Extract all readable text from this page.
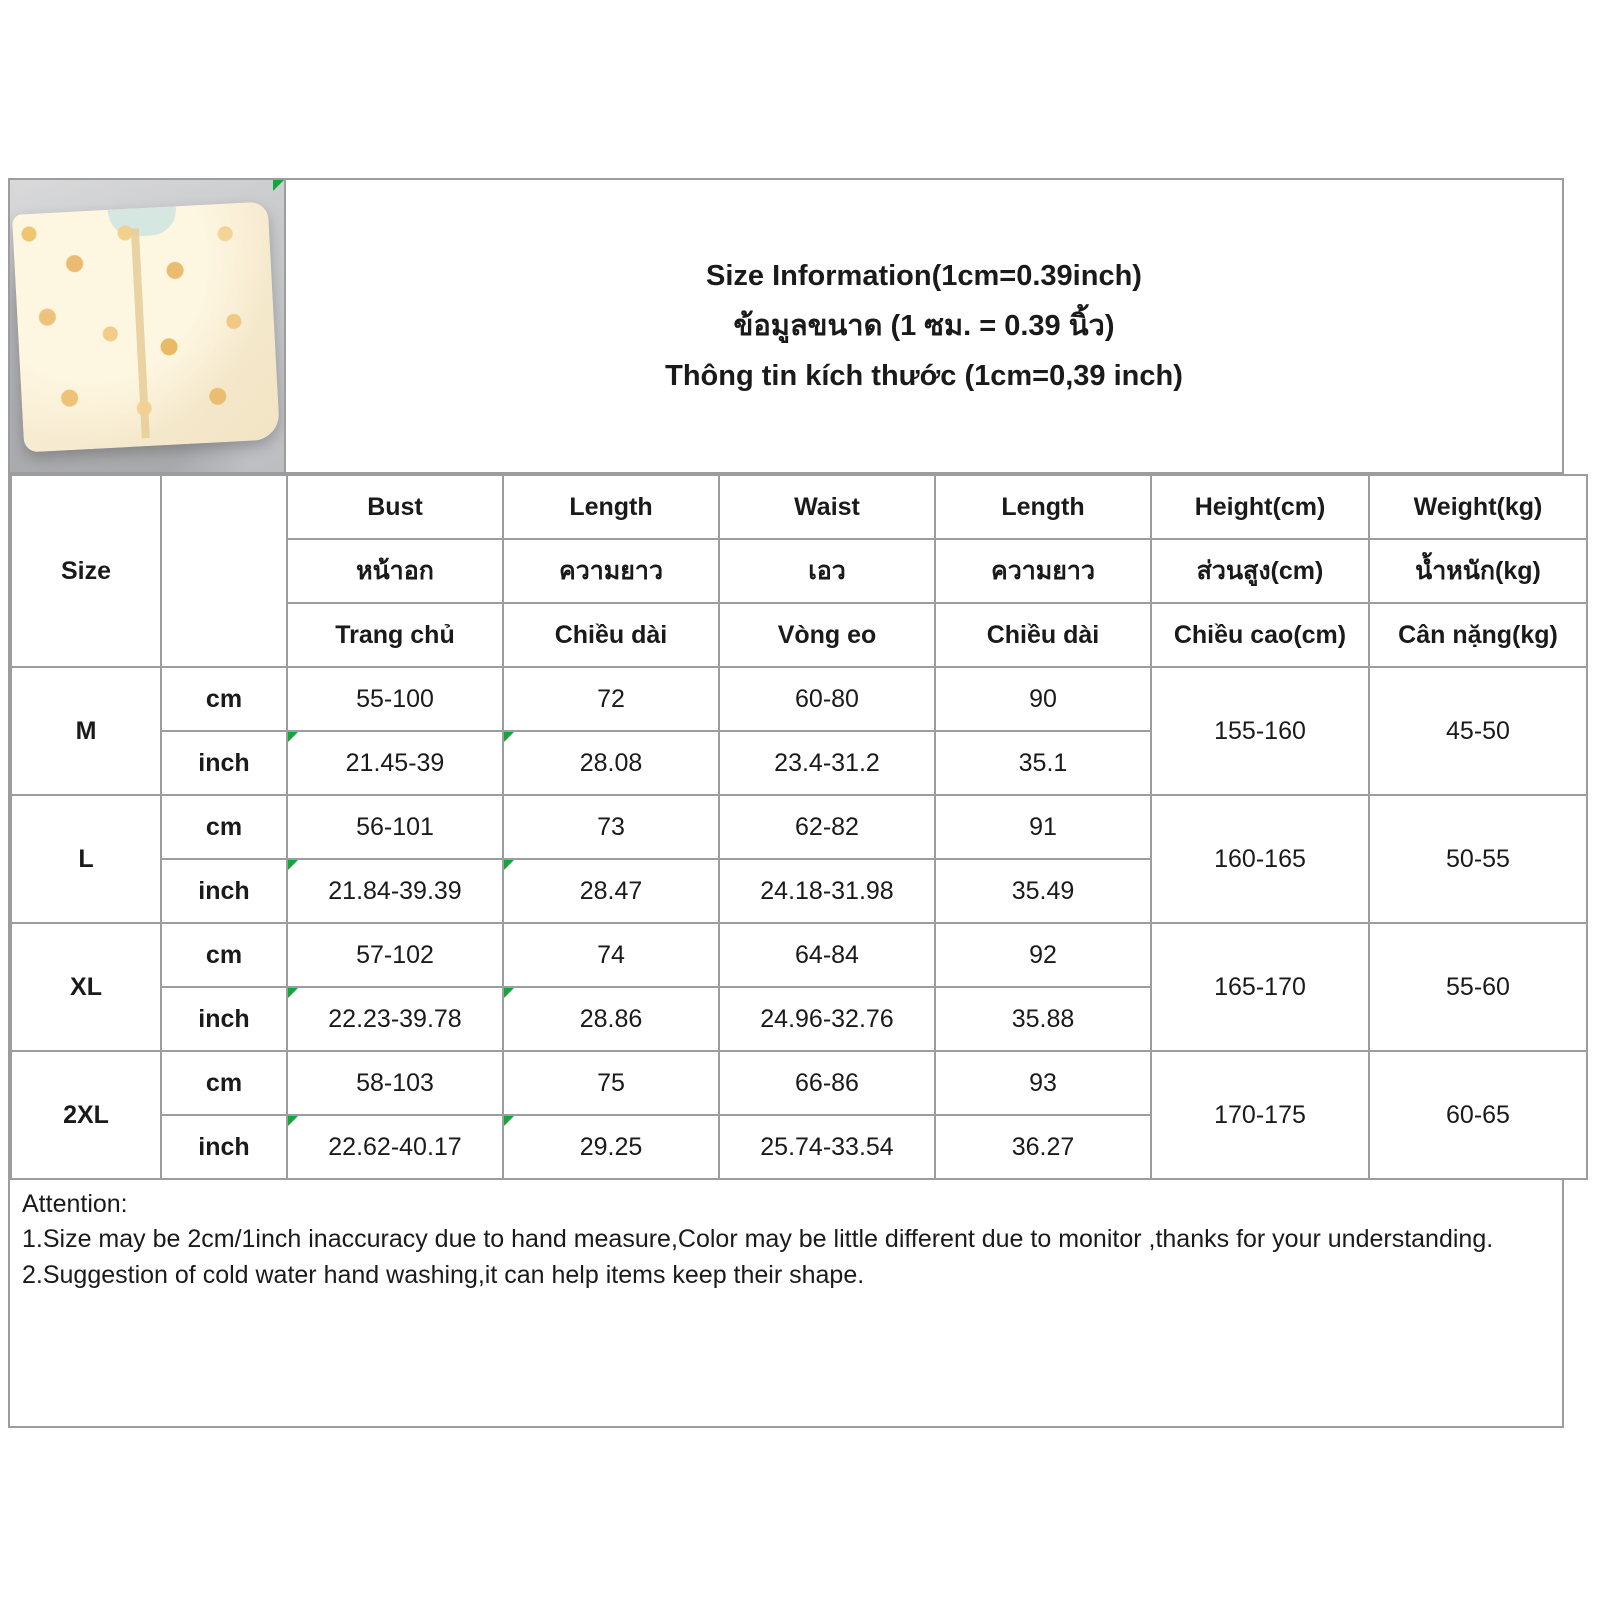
Size Information(1cm=0.39inch)
ข้อมูลขนาด (1 ซม. = 0.39 นิ้ว)
Thông tin kích thước (1cm=0,39 inch)
Size		Bust	Length	Waist	Length	Height(cm)	Weight(kg)
		หน้าอก	ความยาว	เอว	ความยาว	ส่วนสูง(cm)	น้ำหนัก(kg)
		Trang chủ	Chiều dài	Vòng eo	Chiều dài	Chiều cao(cm)	Cân nặng(kg)
M	cm	55-100	72	60-80	90	155-160	45-50
	inch	21.45-39	28.08	23.4-31.2	35.1		
L	cm	56-101	73	62-82	91	160-165	50-55
	inch	21.84-39.39	28.47	24.18-31.98	35.49		
XL	cm	57-102	74	64-84	92	165-170	55-60
	inch	22.23-39.78	28.86	24.96-32.76	35.88		
2XL	cm	58-103	75	66-86	93	170-175	60-65
	inch	22.62-40.17	29.25	25.74-33.54	36.27		

Attention:

1.Size may be 2cm/1inch inaccuracy due to hand measure,Color may be little different due to monitor ,thanks for your understanding.

2.Suggestion of cold water hand washing,it can help items keep their shape.
